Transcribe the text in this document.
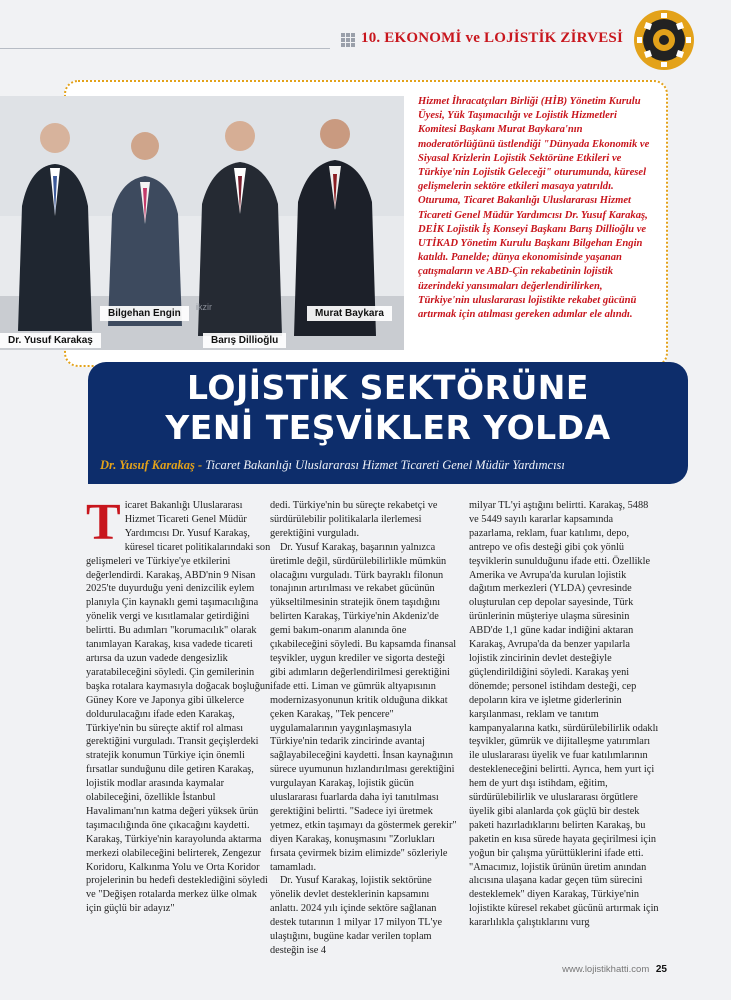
10. EKONOMİ ve LOJİSTİK ZİRVESİ
ikzir
Dr. Yusuf Karakaş
Bilgehan Engin
Barış Dillioğlu
Murat Baykara
Hizmet İhracatçıları Birliği (HİB) Yönetim Kurulu Üyesi, Yük Taşımacılığı ve Lojistik Hizmetleri Komitesi Başkanı Murat Baykara'nın moderatörlüğünü üstlendiği "Dünyada Ekonomik ve Siyasal Krizlerin Lojistik Sektörüne Etkileri ve Türkiye'nin Lojistik Geleceği" oturumunda, küresel gelişmelerin sektöre etkileri masaya yatırıldı. Oturuma, Ticaret Bakanlığı Uluslararası Hizmet Ticareti Genel Müdür Yardımcısı Dr. Yusuf Karakaş, DEİK Lojistik İş Konseyi Başkanı Barış Dillioğlu ve UTİKAD Yönetim Kurulu Başkanı Bilgehan Engin katıldı. Panelde; dünya ekonomisinde yaşanan çatışmaların ve ABD-Çin rekabetinin lojistik üzerindeki yansımaları değerlendirilirken, Türkiye'nin uluslararası lojistikte rekabet gücünü artırmak için atılması gereken adımlar ele alındı.
LOJİSTİK SEKTÖRÜNE
YENİ TEŞVİKLER YOLDA
Dr. Yusuf Karakaş - Ticaret Bakanlığı Uluslararası Hizmet Ticareti Genel Müdür Yardımcısı
T icaret Bakanlığı Uluslararası Hizmet Ticareti Genel Müdür Yardımcısı Dr. Yusuf Karakaş, küresel ticaret politikalarındaki son gelişmeleri ve Türkiye'ye etkilerini değerlendirdi. Karakaş, ABD'nin 9 Nisan 2025'te duyurduğu yeni denizcilik eylem planıyla Çin kaynaklı gemi taşımacılığına yönelik vergi ve kısıtlamalar getirdiğini belirtti. Bu adımları "korumacılık" olarak tanımlayan Karakaş, kısa vadede ticareti artırsa da uzun vadede dengesizlik yaratabileceğini söyledi. Çin gemilerinin başka rotalara kaymasıyla doğacak boşluğun Güney Kore ve Japonya gibi ülkelerce doldurulacağını ifade eden Karakaş, Türkiye'nin bu süreçte aktif rol alması gerektiğini vurguladı. Transit geçişlerdeki stratejik konumun Türkiye için önemli fırsatlar sunduğunu dile getiren Karakaş, lojistik modlar arasında kaymalar olabileceğini, özellikle İstanbul Havalimanı'nın katma değeri yüksek ürün taşımacılığında öne çıkacağını kaydetti. Karakaş, Türkiye'nin karayolunda aktarma merkezi olabileceğini belirterek, Zengezur Koridoru, Kalkınma Yolu ve Orta Koridor projelerinin bu hedefi desteklediğini söyledi ve "Değişen rotalarda merkez ülke olmak için güçlü bir adayız"

dedi. Türkiye'nin bu süreçte rekabetçi ve sürdürülebilir politikalarla ilerlemesi gerektiğini vurguladı.

Dr. Yusuf Karakaş, başarının yalnızca üretimle değil, sürdürülebilirlikle mümkün olacağını vurguladı. Türk bayraklı filonun tonajının artırılması ve rekabet gücünün yükseltilmesinin stratejik önem taşıdığını belirten Karakaş, Türkiye'nin Akdeniz'de gemi bakım-onarım alanında öne çıkabileceğini söyledi. Bu kapsamda finansal teşvikler, uygun krediler ve sigorta desteği gibi adımların değerlendirilmesi gerektiğini ifade etti. Liman ve gümrük altyapısının modernizasyonunun kritik olduğuna dikkat çeken Karakaş, "Tek pencere" uygulamalarının yaygınlaşmasıyla Türkiye'nin tedarik zincirinde avantaj sağlayabileceğini kaydetti. İnsan kaynağının sürece uyumunun hızlandırılması gerektiğini vurgulayan Karakaş, lojistik gücün uluslararası fuarlarda daha iyi tanıtılması gerektiğini belirtti. "Sadece iyi üretmek yetmez, etkin taşımayı da göstermek gerekir" diyen Karakaş, konuşmasını "Zorlukları fırsata çevirmek bizim elimizde" sözleriyle tamamladı.

Dr. Yusuf Karakaş, lojistik sektörüne yönelik devlet desteklerinin kapsamını anlattı. 2024 yılı içinde sektöre sağlanan destek tutarının 1 milyar 17 milyon TL'ye ulaştığını, bugüne kadar verilen toplam desteğin ise 4

milyar TL'yi aştığını belirtti. Karakaş, 5488 ve 5449 sayılı kararlar kapsamında pazarlama, reklam, fuar katılımı, depo, antrepo ve ofis desteği gibi çok yönlü teşviklerin sunulduğunu ifade etti. Özellikle Amerika ve Avrupa'da kurulan lojistik dağıtım merkezleri (YLDA) çevresinde oluşturulan cep depolar sayesinde, Türk ürünlerinin müşteriye ulaşma süresinin ABD'de 1,1 güne kadar indiğini aktaran Karakaş, Avrupa'da da benzer yapılarla lojistik zincirinin devlet desteğiyle güçlendirildiğini söyledi. Karakaş yeni dönemde; personel istihdam desteği, cep depoların kira ve işletme giderlerinin karşılanması, reklam ve tanıtım kampanyalarına katkı, sürdürülebilirlik odaklı teşvikler, gümrük ve dijitalleşme yatırımları ile uluslararası üyelik ve fuar katılımlarının destekleneceğini belirtti. Ayrıca, hem yurt içi hem de yurt dışı istihdam, eğitim, sürdürülebilirlik ve uluslararası örgütlere üyelik gibi alanlarda çok güçlü bir destek paketi hazırladıklarını belirten Karakaş, bu paketin en kısa sürede hayata geçirilmesi için yoğun bir çalışma yürüttüklerini ifade etti. "Amacımız, lojistik ürünün üretim anından alıcısına ulaşana kadar geçen tüm sürecini desteklemek" diyen Karakaş, Türkiye'nin lojistikte küresel rekabet gücünü artırmak için kararlılıkla çalıştıklarını vurg

www.lojistikhatti.com 25
